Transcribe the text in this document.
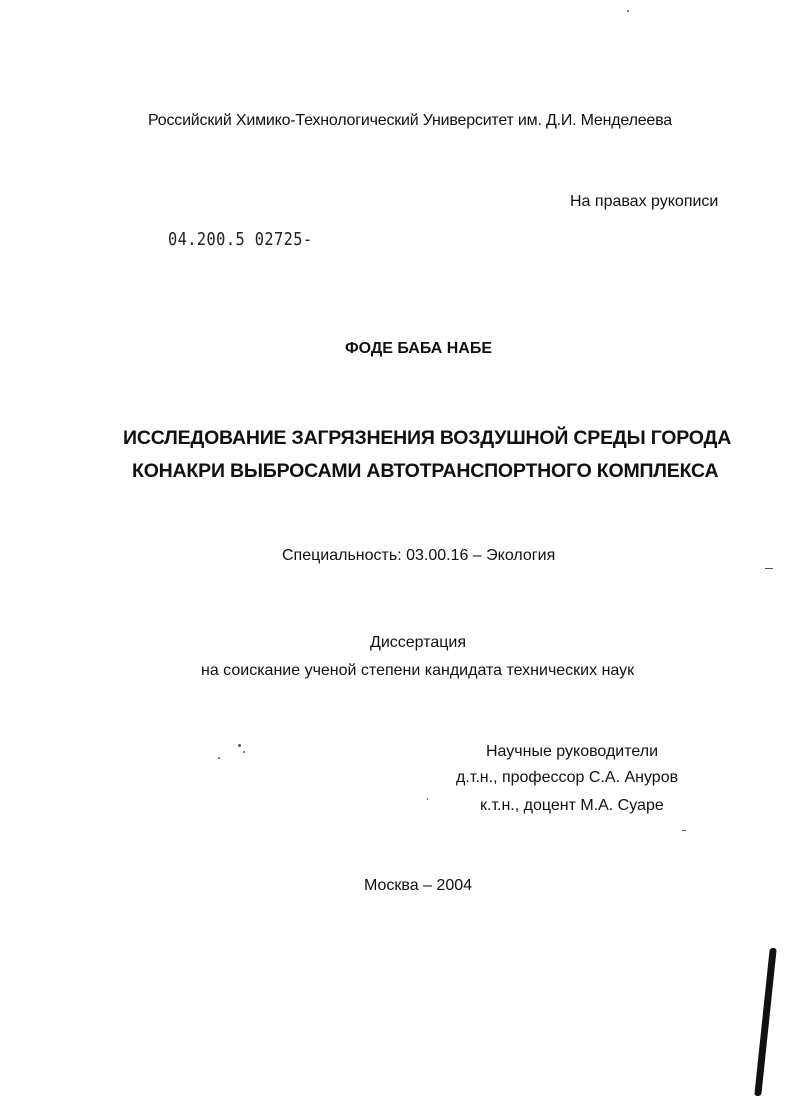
Российский Химико-Технологический Университет им. Д.И. Менделеева
На правах рукописи
04.200.5 02725-
ФОДЕ БАБА НАБЕ
ИССЛЕДОВАНИЕ ЗАГРЯЗНЕНИЯ ВОЗДУШНОЙ СРЕДЫ ГОРОДА
КОНАКРИ ВЫБРОСАМИ АВТОТРАНСПОРТНОГО КОМПЛЕКСА
Специальность: 03.00.16 – Экология
Диссертация
на соискание ученой степени кандидата технических наук
Научные руководители
д.т.н., профессор С.А. Ануров
к.т.н., доцент М.А. Суаре
Москва – 2004
